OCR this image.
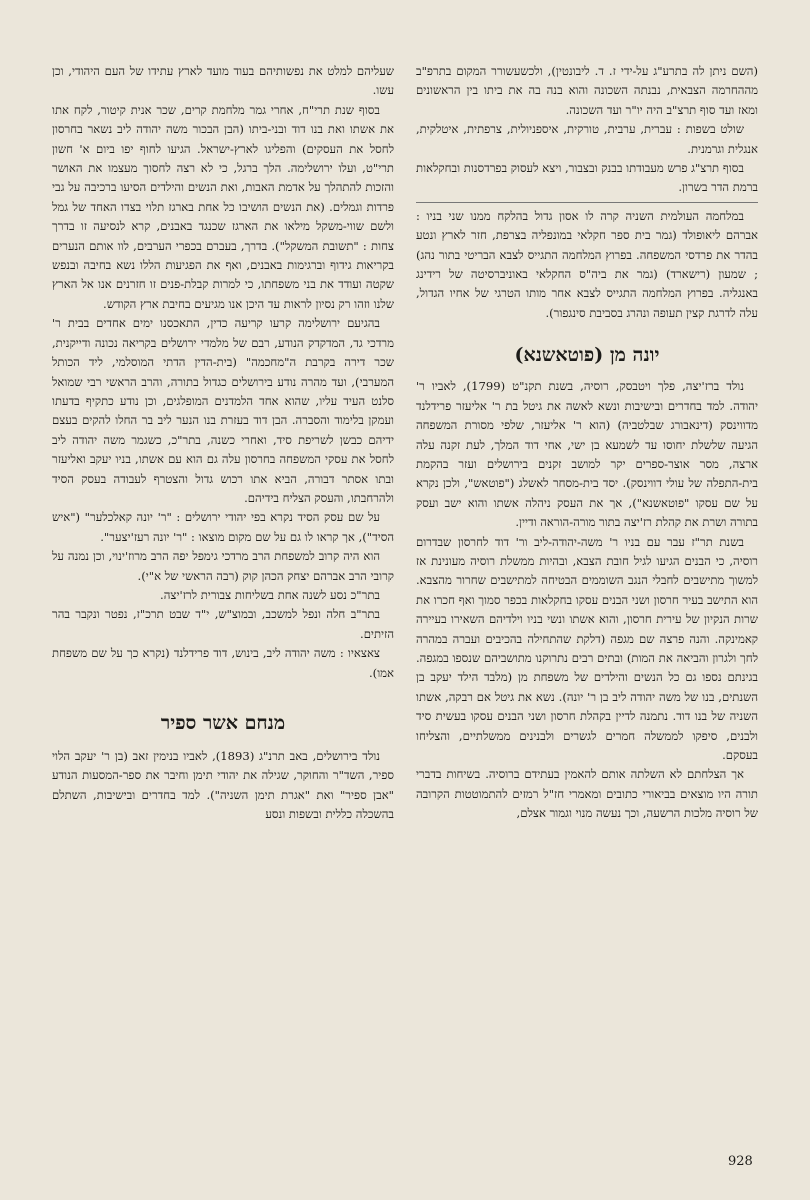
(השם ניתן לה בתרע"ג על-ידי ז. ד. ליבונטין), ולכשעשורר המקום בתרפ"ב מההחרמה הצבאית, נבנתה השכונה והוא בנה בה את ביתו בין הראשונים ומאז ועד סוף תרצ"ב היה יו"ר ועד השכונה.

שולט בשפות : עברית, ערבית, טורקית, איספניולית, צרפתית, איטלקית, אנגלית וגרמנית.

בסוף תרצ"ג פרש מעבודתו בבנק ובצבור, ויצא לעסוק בפרדסנות ובחקלאות ברמת הדר בשרון.

במלחמה העולמית השניה קרה לו אסון גדול בהלקח ממנו שני בניו : אברהם ליאופולד (גמר בית ספר חקלאי במונפליה בצרפת, חזר לארץ ונטע בהדר את פרדסי המשפחה. בפרוץ המלחמה התגייס לצבא הבריטי בתור נהג) ; שמעון (רישארד) (גמר את ביה"ס החקלאי באוניברסיטה של רידינג באנגליה. בפרוץ המלחמה התגייס לצבא אחר מותו הטרגי של אחיו הגדול, עלה לדרגת קצין תעופה ונהרג בסביבת סינגפור).

יונה מן (פוטאשנא)

נולד ברז'יצה, פלך ויטבסק, רוסיה, בשנת תקנ"ט (1799), לאביו ר' יהודה. למד בחדרים ובישיבות ונשא לאשה את גיטל בת ר' אליעזר פרידלנד מדווינסק (דינאבורג שבלטביה) (הוא ר' אליעזר, שלפי מסורת המשפחה הגיעה שלשלת יחוסו עד לשמעא בן ישי, אחי דוד המלך, לעת זקנה עלה ארצה, מסר אוצר-ספרים יקר למושב זקנים בירושלים ועזר בהקמת בית-התפלה של עולי דווינסק). יסד בית-מסחר לאשלג ("פוטאש", ולכן נקרא על שם עסקו "פוטאשנא"), אך את העסק ניהלה אשתו והוא ישב ועסק בתורה ושרת את קהלת רז'יצה בתור מורה-הוראה ודיין.

בשנת תר"ז עבר עם בניו ר' משה-יהודה-ליב ור' דוד לחרסון שבדרום רוסיה, כי הבנים הגיעו לגיל חובת הצבא, ובהיות ממשלת רוסיה מעונינת אז למשוך מתישבים לחבלי הנגב השוממים הבטיחה למתישבים שחרור מהצבא. הוא התישב בעיר חרסון ושני הבנים עסקו בחקלאות בכפר סמוך ואף חכרו את שרות הנקיון של עירית חרסון, והוא אשתו ונשי בניו וילדיהם השאירו בעיירה קאמינקה. והנה פרצה שם מגפה (דלקת שהתחילה בהכיבים ועברה במהרה לחך ולגרון והביאה את המות) ובתים רבים נתרוקנו מתושביהם שנספו במגפה. בגינתם נספו גם כל הנשים והילדים של משפחת מן (מלבד הילד יעקב בן השנתים, בנו של משה יהודה ליב בן ר' יונה). נשא את גיטל אם רבקה, אשתו השניה של בנו דוד. נתמנה לדיין בקהלת חרסון ושני הבנים עסקו בעשית סיד ולבנים, סיפקו לממשלה חמרים לגשרים ולבנינים ממשלתיים, והצליחו בעסקם.

אך הצלחתם לא השלתה אותם להאמין בעתידם ברוסיה. בשיחות בדברי תורה היו מוצאים בביאורי כתובים ומאמרי חז"ל רמזים להתמוטטות הקרובה של רוסיה מלכות הרשעה, וכך נעשה מנוי וגמור אצלם,

שעליהם למלט את נפשותיהם בעוד מועד לארץ עתידו של העם היהודי, וכן עשו.

בסוף שנת תרי"ח, אחרי גמר מלחמת קרים, שכר אנית קיטור, לקח אתו את אשתו ואת בנו דוד ובני-ביתו (הבן הבכור משה יהודה ליב נשאר בחרסון לחסל את העסקים) והפליגו לארץ-ישראל. הגיעו לחוף יפו ביום א' חשון תרי"ט, ועלו ירושלימה. הלך ברגל, כי לא רצה לחסוך מעצמו את האושר והזכות להתהלך על אדמת האבות, ואת הנשים והילדים הסיעו ברכיבה על גבי פרדות וגמלים. (את הנשים הושיבו כל אחת בארגז תלוי בצדו האחד של גמל ולשם שווי-משקל מילאו את הארגז שכנגד באבנים, קרא לנסיעה זו בדרך צחות : "תשובת המשקל"). בדרך, בעברם בכפרי הערבים, לוו אותם הנערים בקריאות גידוף וברגימות באבנים, ואף את הפגיעות הללו נשא בחיבה ובנפש שקטה ועודד את בני משפחתו, כי למרות קבלת-פנים זו חזרנים אנו אל הארץ שלנו וזהו רק נסיון לראות עד היכן אנו מגיעים בחיבת ארץ הקודש.

בהגיעם ירושלימה קרעו קריעה כדין, התאכסנו ימים אחדים בבית ר' מרדכי גד, המדקדק הנודע, רבם של מלמדי ירושלים בקריאה נכונה ודייקנית, שכר דירה בקרבת ה"מחכמה" (בית-הדין הדתי המוסלמי, ליד הכותל המערבי), ועד מהרה נודע בירושלים כגדול בתורה, והרב הראשי רבי שמואל סלנט העיד עליו, שהוא אחד הלמדנים המופלגים, וכן נודע כתקיף בדעתו ועמקן בלימוד והסברה. הבן דוד בעזרת בנו הנער ליב בר החלו להקים בעצם ידיהם כבשן לשריפת סיד, ואחרי כשנה, בתר"כ, כשגמר משה יהודה ליב לחסל את עסקי המשפחה בחרסון עלה גם הוא עם אשתו, בניו יעקב ואליעזר ובתו אסתר דבורה, הביא אתו רכוש גדול והצטרף לעבודה בעסק הסיד ולהרחבתו, והעסק הצליח בידיהם.

על שם עסק הסיד נקרא בפי יהודי ירושלים : "ר' יונה קאלכלער" ("איש הסיד"), אך קראו לו גם על שם מקום מוצאו : "ר' יונה רעז'יצער".

הוא היה קרוב למשפחת הרב מרדכי גימפל יפה הרב מרוז'ינוי, וכן נמנה על קרובי הרב אברהם יצחק הכהן קוק (רבה הראשי של א"י).

בתר"כ נסע לשנה אחת בשליחות צבורית לרז'יצה.

בתר"ב חלה ונפל למשכב, ובמוצ"ש, י"ד שבט תרכ"ז, נפטר ונקבר בהר הזיתים.

צאצאיו : משה יהודה ליב, בינוש, דוד פרידלנד (נקרא כך על שם משפחת אמו).

מנחם אשר ספיר

נולד בירושלים, באב תרנ"ג (1893), לאביו בנימין זאב (בן ר' יעקב הלוי ספיר, השד"ר והחוקר, שגילה את יהודי תימן וחיבר את ספר-המסעות הנודע "אבן ספיר" ואת "אגרת תימן השניה"). למד בחדרים ובישיבות, השתלם בהשכלה כללית ובשפות ונסע

928
